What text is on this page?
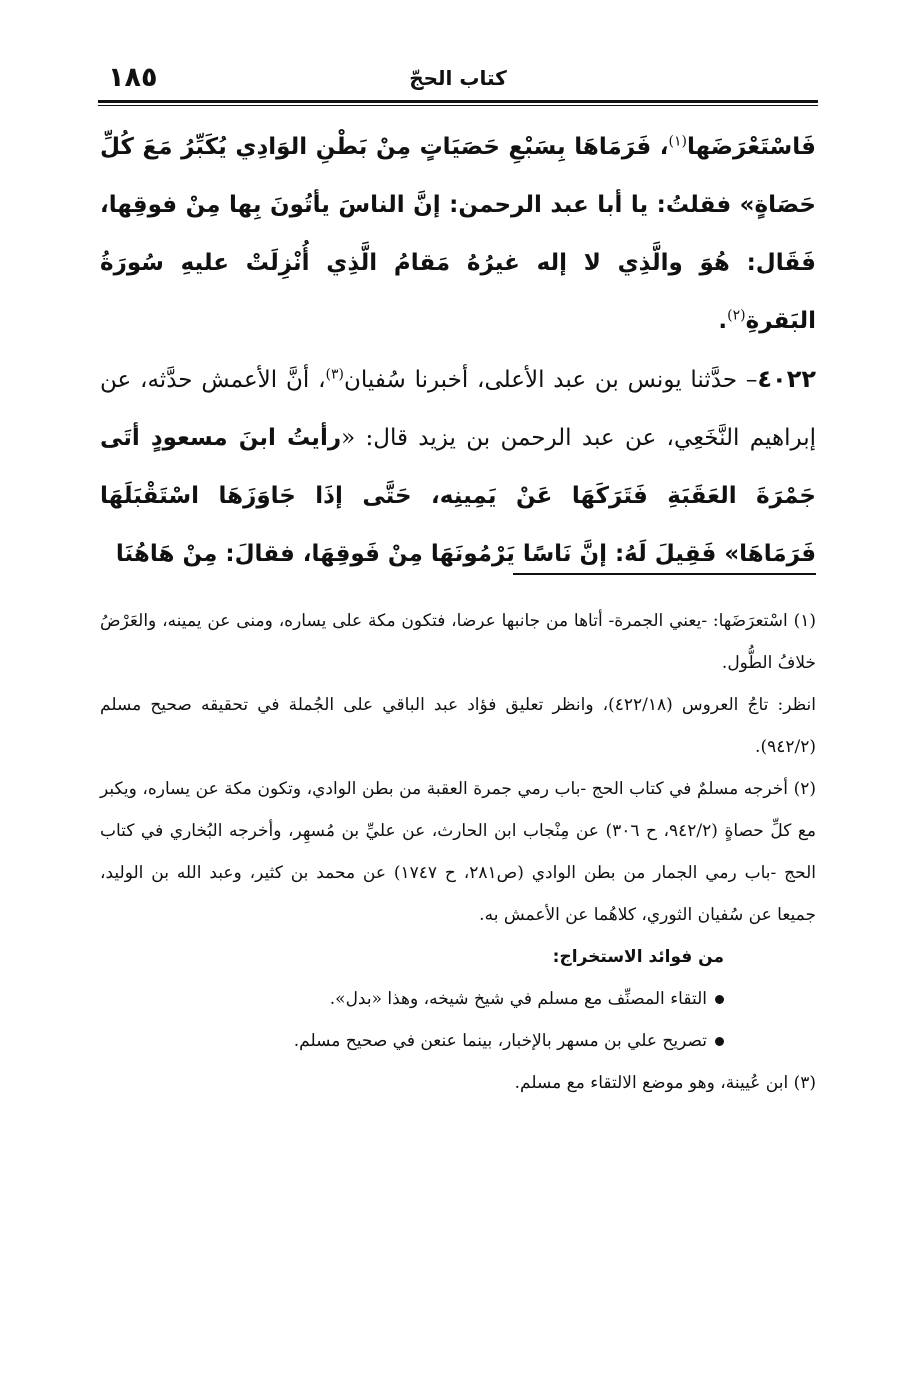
١٨٥	كتاب الحجّ

فَاسْتَعْرَضَها$^{(١)}$، فَرَمَاهَا بِسَبْعِ حَصَيَاتٍ مِنْ بَطْنِ الوَادِي يُكَبِّرُ مَعَ كُلِّ حَصَاةٍ» فقلتُ: يا أبا عبد الرحمن: إنَّ الناسَ يأتُونَ بِها مِنْ فوقِها، فَقَال: هُوَ والَّذِي لا إله غيرُهُ مَقامُ الَّذِي أُنْزِلَتْ عليهِ سُورَةُ البَقرةِ$^{(٢)}$.

٤٠٢٢– حدَّثنا يونس بن عبد الأعلى، أخبرنا سُفيان$^{(٣)}$، أنَّ الأعمش حدَّثه، عن إبراهيم النَّخَعِي، عن عبد الرحمن بن يزيد قال: «رأيتُ ابنَ مسعودٍ أتَى جَمْرَةَ العَقَبَةِ فَتَرَكَهَا عَنْ يَمِينِه، حَتَّى إذَا جَاوَزَهَا اسْتَقْبَلَهَا فَرَمَاهَا» فَقِيلَ لَهُ: إنَّ نَاسًا يَرْمُونَهَا مِنْ فَوقِهَا، فقالَ: مِنْ هَاهُنَا

(١) اسْتعرَضَها: -يعني الجمرة- أتاها من جانبها عرضا، فتكون مكة على يساره، ومنى عن يمينه، والعَرْضُ خلافُ الطُّول.

انظر: تاجُ العروس (٤٢٢/١٨)، وانظر تعليق فؤاد عبد الباقي على الجُملة في تحقيقه صحيح مسلم (٩٤٢/٢).

(٢) أخرجه مسلمٌ في كتاب الحج -باب رمي جمرة العقبة من بطن الوادي، وتكون مكة عن يساره، ويكبر مع كلِّ حصاةٍ (٩٤٢/٢، ح ٣٠٦) عن مِنْجاب ابن الحارث، عن عليِّ بن مُسهِر، وأخرجه البُخاري في كتاب الحج -باب رمي الجمار من بطن الوادي (ص٢٨١، ح ١٧٤٧) عن محمد بن كثير، وعبد الله بن الوليد، جميعا عن سُفيان الثوري، كلاهُما عن الأعمش به.

من فوائد الاستخراج:

التقاء المصنِّف مع مسلم في شيخ شيخه، وهذا «بدل».

تصريح علي بن مسهر بالإخبار، بينما عنعن في صحيح مسلم.

(٣) ابن عُيينة، وهو موضع الالتقاء مع مسلم.
